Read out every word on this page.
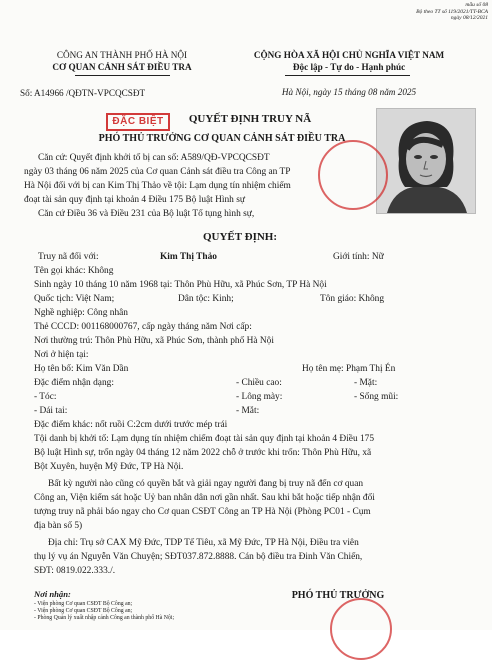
mẫu số 08
Bộ theo TT số 119/2021/TT-BCA
ngày 08/12/2021
CÔNG AN THÀNH PHỐ HÀ NỘI
CƠ QUAN CẢNH SÁT ĐIỀU TRA
Số: A14966 /QĐTN-VPCQCSĐT
CỘNG HÒA XÃ HỘI CHỦ NGHĨA VIỆT NAM
Độc lập - Tự do - Hạnh phúc
Hà Nội, ngày 15 tháng 08 năm 2025
ĐẶC BIỆT	QUYẾT ĐỊNH TRUY NÃ
PHÓ THỦ TRƯỞNG CƠ QUAN CẢNH SÁT ĐIỀU TRA
Căn cứ: Quyết định khởi tố bị can số: A589/QĐ-VPCQCSĐT
ngày 03 tháng 06 năm 2025 của Cơ quan Cảnh sát điều tra Công an TP
Hà Nội đối với bị can Kim Thị Thảo về tội: Lạm dụng tín nhiệm chiếm
đoạt tài sản quy định tại khoản 4 Điều 175 Bộ luật Hình sự
Căn cứ Điều 36 và Điều 231 của Bộ luật Tố tụng hình sự,
QUYẾT ĐỊNH:
Truy nã đối với:	Kim Thị Thảo	Giới tính: Nữ
Tên gọi khác: Không
Sinh ngày 10 tháng 10 năm 1968 tại: Thôn Phù Hữu, xã Phúc Sơn, TP Hà Nội
Quốc tịch: Việt Nam;	Dân tộc: Kinh;	Tôn giáo: Không
Nghề nghiệp: Công nhân
Thẻ CCCD: 001168000767, cấp ngày tháng năm Nơi cấp:
Nơi thường trú: Thôn Phù Hữu, xã Phúc Sơn, thành phố Hà Nội
Nơi ở hiện tại:
Họ tên bố: Kim Văn Dần	Họ tên mẹ: Phạm Thị Én
Đặc điểm nhận dạng:	- Chiều cao:	- Mặt:
- Tóc:	- Lông mày:	- Sống mũi:
- Dái tai:	- Mắt:
Đặc điểm khác: nốt ruồi C:2cm dưới trước mép trái
Tội danh bị khởi tố: Lạm dụng tín nhiệm chiếm đoạt tài sản quy định tại khoản 4 Điều 175
Bộ luật Hình sự, trốn ngày 04 tháng 12 năm 2022 chỗ ở trước khi trốn: Thôn Phù Hữu, xã
Bột Xuyên, huyện Mỹ Đức, TP Hà Nội.
Bất kỳ người nào cũng có quyền bắt và giải ngay người đang bị truy nã đến cơ quan
Công an, Viện kiểm sát hoặc Uỷ ban nhân dân nơi gần nhất. Sau khi bắt hoặc tiếp nhận đối
tượng truy nã phải báo ngay cho Cơ quan CSĐT Công an TP Hà Nội (Phòng PC01 - Cụm
địa bàn số 5)
Địa chỉ: Trụ sở CAX Mỹ Đức, TDP Tế Tiêu, xã Mỹ Đức, TP Hà Nội, Điều tra viên
thụ lý vụ án Nguyễn Văn Chuyện; SĐT037.872.8888. Cán bộ điều tra Đinh Văn Chiến,
SĐT: 0819.022.333./.
Nơi nhận:
- Viện phòng Cơ quan CSĐT Bộ Công an;
- Viện phòng Cơ quan CSĐT Bộ Công an;
- Phòng Quản lý xuất nhập cảnh Công an thành phố Hà Nội;
PHÓ THỦ TRƯỞNG
